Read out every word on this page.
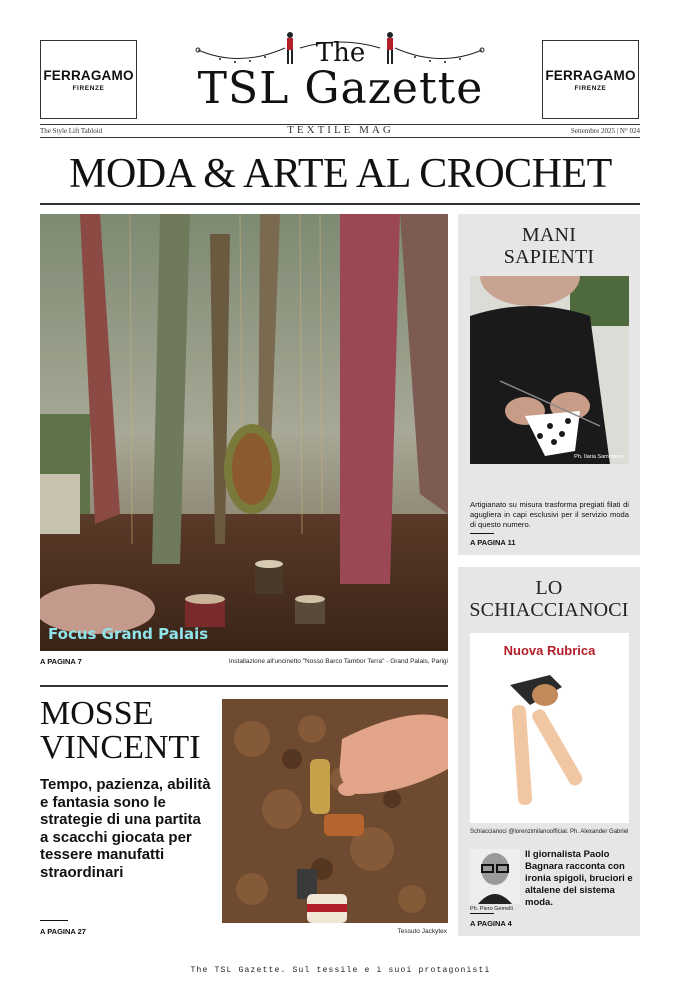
FERRAGAMO
FIRENZE
FERRAGAMO
FIRENZE
The
TSL Gazette
The Style Lift Tabloid	TEXTILE MAG	Settembre 2025 | N° 024
MODA & ARTE AL CROCHET
Focus Grand Palais
A PAGINA 7	Installazione all'uncinetto "Nosso Barco Tambor Terra" - Grand Palais, Parigi
MANI
SAPIENTI
Ph. Ilaria Sammarco
Artigianato su misura trasforma pregiati filati di agugliera in capi esclusivi per il servizio moda di questo numero.
A PAGINA 11
LO
SCHIACCIANOCI
Nuova Rubrica
Schiaccianoci @lorenzimilanoofficial. Ph. Alexander Gabriel
Ph. Piero Gemelli
Il giornalista Paolo Bagnara racconta con ironia spigoli, bruciori e altalene del sistema moda.
A PAGINA 4
MOSSE
VINCENTI
Tempo, pazienza, abilità e fantasia sono le strategie di una partita a scacchi giocata per tessere manufatti straordinari
A PAGINA 27	Tessuto Jackytex
The TSL Gazette. Sul tessile e i suoi protagonisti
